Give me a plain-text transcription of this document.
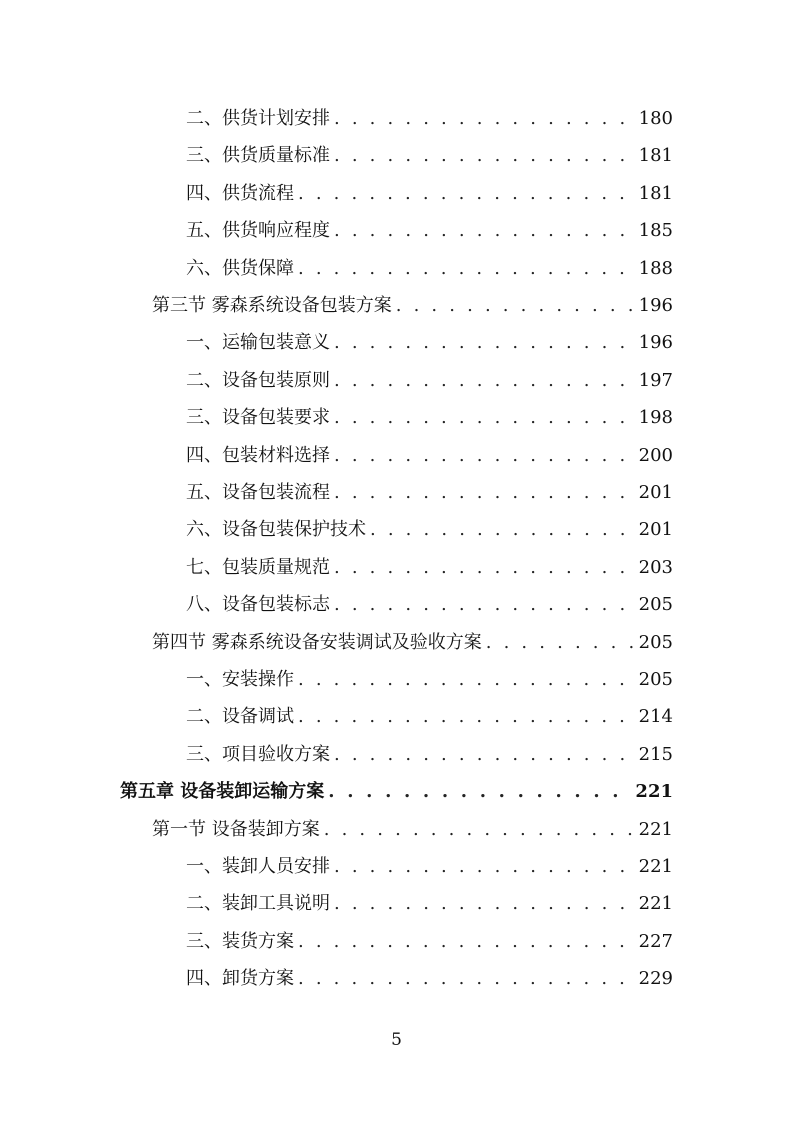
二、供货计划安排 . . .	180
三、供货质量标准 . . .	181
四、供货流程 . . .	181
五、供货响应程度 . . .	185
六、供货保障 . . .	188
第三节 雾森系统设备包装方案 . . .	196
一、运输包装意义 . . .	196
二、设备包装原则 . . .	197
三、设备包装要求 . . .	198
四、包装材料选择 . . .	200
五、设备包装流程 . . .	201
六、设备包装保护技术 . . .	201
七、包装质量规范 . . .	203
八、设备包装标志 . . .	205
第四节 雾森系统设备安装调试及验收方案 . . .	205
一、安装操作 . . .	205
二、设备调试 . . .	214
三、项目验收方案 . . .	215
第五章 设备装卸运输方案 . . .	221
第一节 设备装卸方案 . . .	221
一、装卸人员安排 . . .	221
二、装卸工具说明 . . .	221
三、装货方案 . . .	227
四、卸货方案 . . .	229
5
